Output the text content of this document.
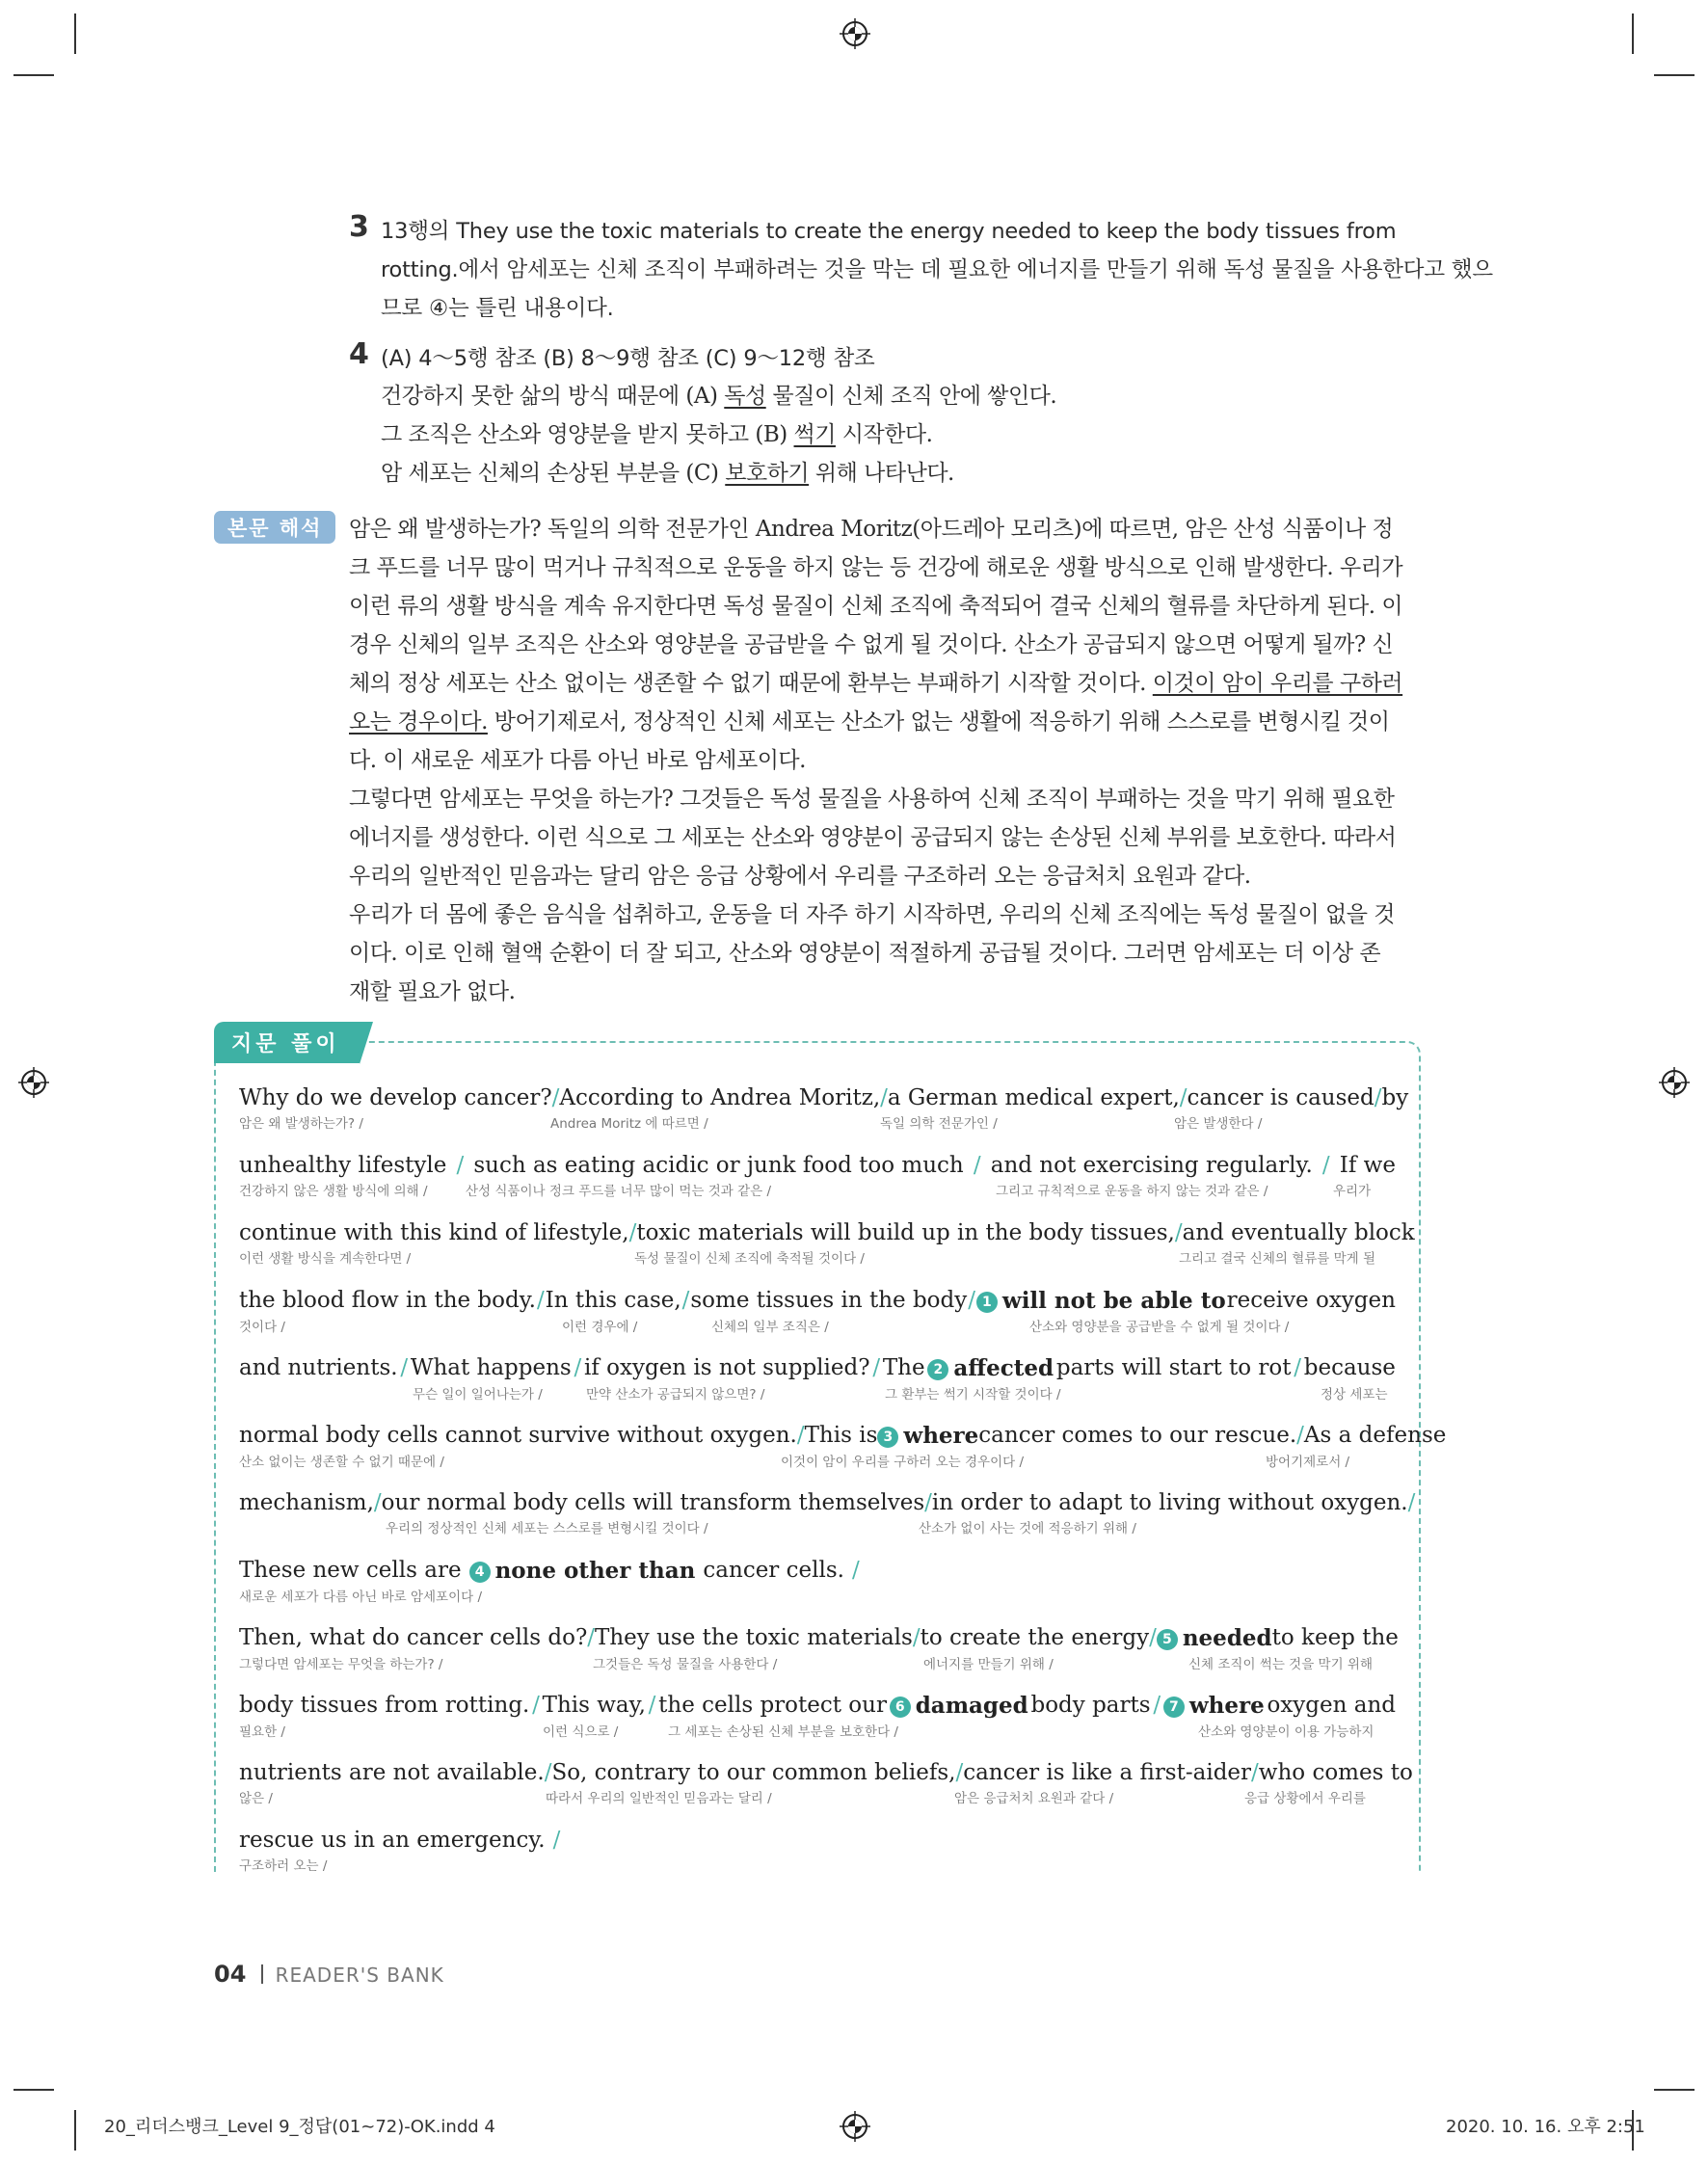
3 13행의 They use the toxic materials to create the energy needed to keep the body tissues from
rotting.에서 암세포는 신체 조직이 부패하려는 것을 막는 데 필요한 에너지를 만들기 위해 독성 물질을 사용한다고 했으
므로 ④는 틀린 내용이다.
4 (A) 4～5행 참조 (B) 8～9행 참조 (C) 9～12행 참조
건강하지 못한 삶의 방식 때문에 (A) 독성 물질이 신체 조직 안에 쌓인다.
그 조직은 산소와 영양분을 받지 못하고 (B) 썩기 시작한다.
암 세포는 신체의 손상된 부분을 (C) 보호하기 위해 나타난다.
본문 해석	암은 왜 발생하는가? 독일의 의학 전문가인 Andrea Moritz(아드레아 모리츠)에 따르면, 암은 산성 식품이나 정
크 푸드를 너무 많이 먹거나 규칙적으로 운동을 하지 않는 등 건강에 해로운 생활 방식으로 인해 발생한다. 우리가
이런 류의 생활 방식을 계속 유지한다면 독성 물질이 신체 조직에 축적되어 결국 신체의 혈류를 차단하게 된다. 이
경우 신체의 일부 조직은 산소와 영양분을 공급받을 수 없게 될 것이다. 산소가 공급되지 않으면 어떻게 될까? 신
체의 정상 세포는 산소 없이는 생존할 수 없기 때문에 환부는 부패하기 시작할 것이다. 이것이 암이 우리를 구하러
오는 경우이다. 방어기제로서, 정상적인 신체 세포는 산소가 없는 생활에 적응하기 위해 스스로를 변형시킬 것이
다. 이 새로운 세포가 다름 아닌 바로 암세포이다.
그렇다면 암세포는 무엇을 하는가? 그것들은 독성 물질을 사용하여 신체 조직이 부패하는 것을 막기 위해 필요한
에너지를 생성한다. 이런 식으로 그 세포는 산소와 영양분이 공급되지 않는 손상된 신체 부위를 보호한다. 따라서
우리의 일반적인 믿음과는 달리 암은 응급 상황에서 우리를 구조하러 오는 응급처치 요원과 같다.
우리가 더 몸에 좋은 음식을 섭취하고, 운동을 더 자주 하기 시작하면, 우리의 신체 조직에는 독성 물질이 없을 것
이다. 이로 인해 혈액 순환이 더 잘 되고, 산소와 영양분이 적절하게 공급될 것이다. 그러면 암세포는 더 이상 존
재할 필요가 없다.
지문 풀이
Why do we develop cancer? / According to Andrea Moritz, / a German medical expert, / cancer is caused / by
암은 왜 발생하는가? /	Andrea Moritz 에 따르면 /	독일 의학 전문가인 /	암은 발생한다 /
unhealthy lifestyle / such as eating acidic or junk food too much / and not exercising regularly. / If we
건강하지 않은 생활 방식에 의해 /	산성 식품이나 정크 푸드를 너무 많이 먹는 것과 같은 /	그리고 규칙적으로 운동을 하지 않는 것과 같은 /	우리가
continue with this kind of lifestyle, / toxic materials will build up in the body tissues, / and eventually block
이런 생활 방식을 계속한다면 /	독성 물질이 신체 조직에 축적될 것이다 /	그리고 결국 신체의 혈류를 막게 될
the blood flow in the body. / In this case, / some tissues in the body / 1 will not be able to receive oxygen
것이다 /	이런 경우에 /	신체의 일부 조직은 /	산소와 영양분을 공급받을 수 없게 될 것이다 /
and nutrients. / What happens / if oxygen is not supplied? / The 2 affected parts will start to rot / because
무슨 일이 일어나는가 /	만약 산소가 공급되지 않으면? /	그 환부는 썩기 시작할 것이다 /	정상 세포는
normal body cells cannot survive without oxygen. / This is 3 where cancer comes to our rescue. / As a defense
산소 없이는 생존할 수 없기 때문에 /	이것이 암이 우리를 구하러 오는 경우이다 /	방어기제로서 /
mechanism, / our normal body cells will transform themselves / in order to adapt to living without oxygen. /
우리의 정상적인 신체 세포는 스스로를 변형시킬 것이다 /	산소가 없이 사는 것에 적응하기 위해 /
These new cells are	4 none other than cancer cells. /
새로운 세포가 다름 아닌 바로 암세포이다 /
Then, what do cancer cells do? / They use the toxic materials / to create the energy / 5 needed to keep the
그렇다면 암세포는 무엇을 하는가? /	그것들은 독성 물질을 사용한다 /	에너지를 만들기 위해 /	신체 조직이 썩는 것을 막기 위해
body tissues from rotting. / This way, / the cells protect our 6 damaged body parts / 7 where oxygen and
필요한 /	이런 식으로 /	그 세포는 손상된 신체 부분을 보호한다 /	산소와 영양분이 이용 가능하지
nutrients are not available. / So, contrary to our common beliefs, / cancer is like a first-aider / who comes to
않은 /	따라서 우리의 일반적인 믿음과는 달리 /	암은 응급처치 요원과 같다 /	응급 상황에서 우리를
rescue us in an emergency. /
구조하러 오는 /
04 READER'S BANK
20_리더스뱅크_Level 9_정답(01~72)-OK.indd 4	2020. 10. 16. 오후 2:51
